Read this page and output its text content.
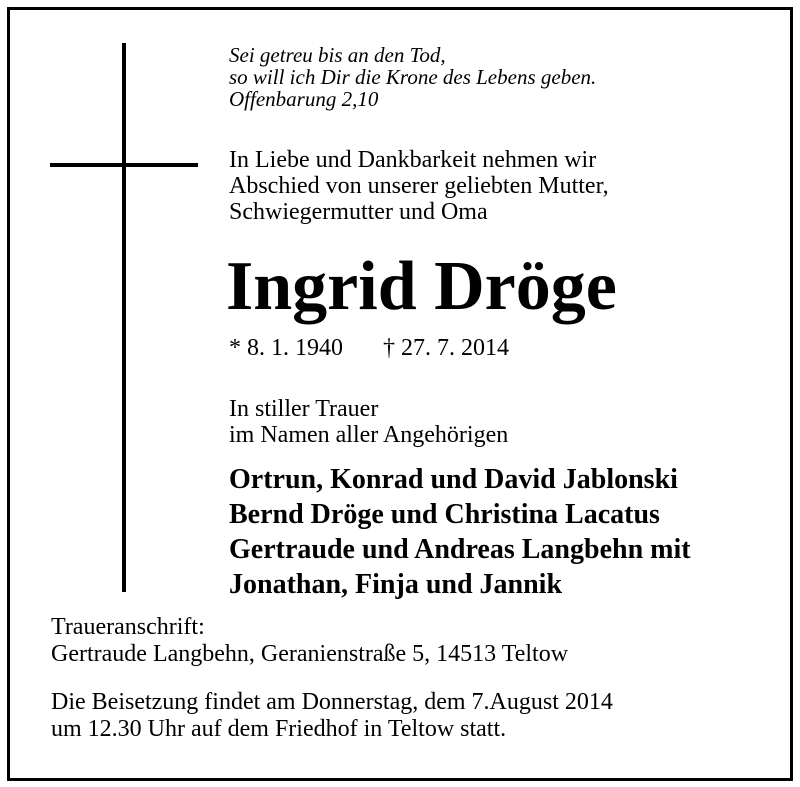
Sei getreu bis an den Tod,
so will ich Dir die Krone des Lebens geben.
Offenbarung 2,10
In Liebe und Dankbarkeit nehmen wir
Abschied von unserer geliebten Mutter,
Schwiegermutter und Oma
Ingrid Dröge
* 8. 1. 1940 † 27. 7. 2014
In stiller Trauer
im Namen aller Angehörigen
Ortrun, Konrad und David Jablonski
Bernd Dröge und Christina Lacatus
Gertraude und Andreas Langbehn mit
Jonathan, Finja und Jannik
Traueranschrift:
Gertraude Langbehn, Geranienstraße 5, 14513 Teltow
Die Beisetzung findet am Donnerstag, dem 7.August 2014
um 12.30 Uhr auf dem Friedhof in Teltow statt.
